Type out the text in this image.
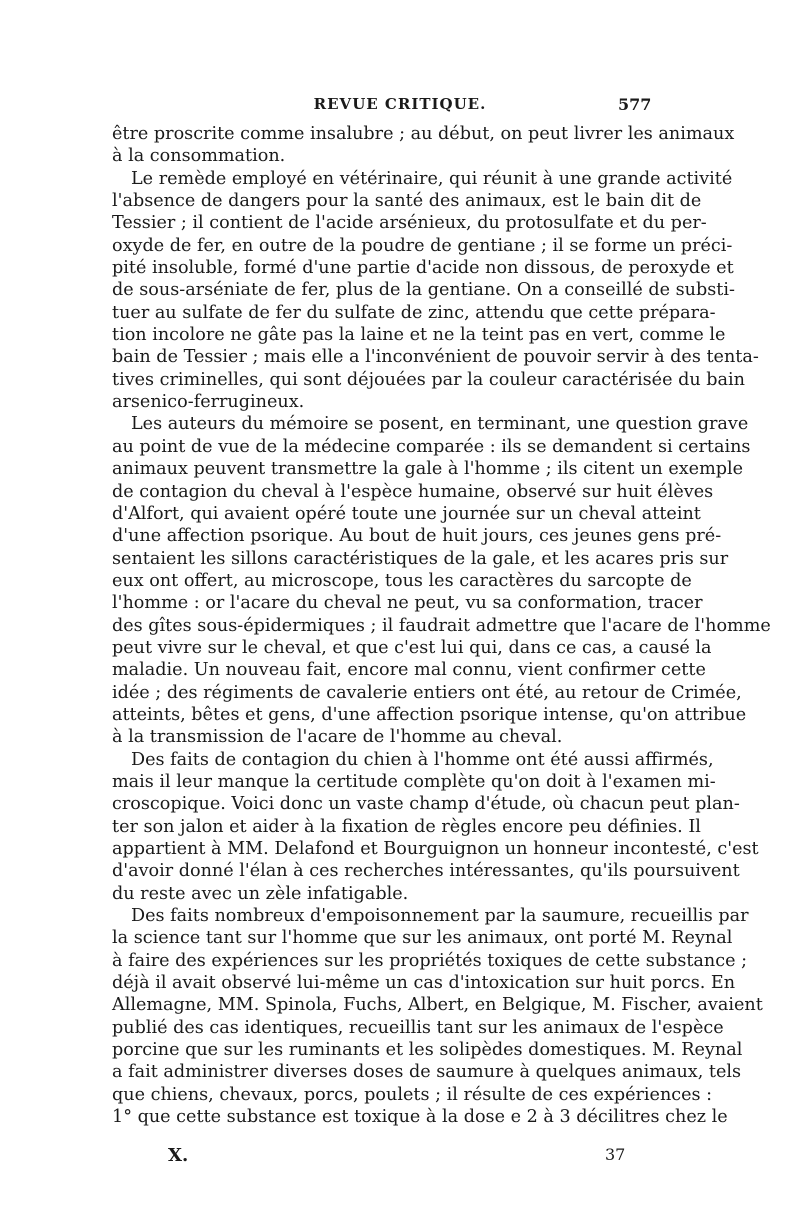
REVUE CRITIQUE.	577
être proscrite comme insalubre ; au début, on peut livrer les animaux
à la consommation.
Le remède employé en vétérinaire, qui réunit à une grande activité
l'absence de dangers pour la santé des animaux, est le bain dit de
Tessier ; il contient de l'acide arsénieux, du protosulfate et du per-
oxyde de fer, en outre de la poudre de gentiane ; il se forme un préci-
pité insoluble, formé d'une partie d'acide non dissous, de peroxyde et
de sous-arséniate de fer, plus de la gentiane. On a conseillé de substi-
tuer au sulfate de fer du sulfate de zinc, attendu que cette prépara-
tion incolore ne gâte pas la laine et ne la teint pas en vert, comme le
bain de Tessier ; mais elle a l'inconvénient de pouvoir servir à des tenta-
tives criminelles, qui sont déjouées par la couleur caractérisée du bain
arsenico-ferrugineux.
Les auteurs du mémoire se posent, en terminant, une question grave
au point de vue de la médecine comparée : ils se demandent si certains
animaux peuvent transmettre la gale à l'homme ; ils citent un exemple
de contagion du cheval à l'espèce humaine, observé sur huit élèves
d'Alfort, qui avaient opéré toute une journée sur un cheval atteint
d'une affection psorique. Au bout de huit jours, ces jeunes gens pré-
sentaient les sillons caractéristiques de la gale, et les acares pris sur
eux ont offert, au microscope, tous les caractères du sarcopte de
l'homme : or l'acare du cheval ne peut, vu sa conformation, tracer
des gîtes sous-épidermiques ; il faudrait admettre que l'acare de l'homme
peut vivre sur le cheval, et que c'est lui qui, dans ce cas, a causé la
maladie. Un nouveau fait, encore mal connu, vient confirmer cette
idée ; des régiments de cavalerie entiers ont été, au retour de Crimée,
atteints, bêtes et gens, d'une affection psorique intense, qu'on attribue
à la transmission de l'acare de l'homme au cheval.
Des faits de contagion du chien à l'homme ont été aussi affirmés,
mais il leur manque la certitude complète qu'on doit à l'examen mi-
croscopique. Voici donc un vaste champ d'étude, où chacun peut plan-
ter son jalon et aider à la fixation de règles encore peu définies. Il
appartient à MM. Delafond et Bourguignon un honneur incontesté, c'est
d'avoir donné l'élan à ces recherches intéressantes, qu'ils poursuivent
du reste avec un zèle infatigable.
Des faits nombreux d'empoisonnement par la saumure, recueillis par
la science tant sur l'homme que sur les animaux, ont porté M. Reynal
à faire des expériences sur les propriétés toxiques de cette substance ;
déjà il avait observé lui-même un cas d'intoxication sur huit porcs. En
Allemagne, MM. Spinola, Fuchs, Albert, en Belgique, M. Fischer, avaient
publié des cas identiques, recueillis tant sur les animaux de l'espèce
porcine que sur les ruminants et les solipèdes domestiques. M. Reynal
a fait administrer diverses doses de saumure à quelques animaux, tels
que chiens, chevaux, porcs, poulets ; il résulte de ces expériences :
1° que cette substance est toxique à la dose e 2 à 3 décilitres chez le
X.	37
